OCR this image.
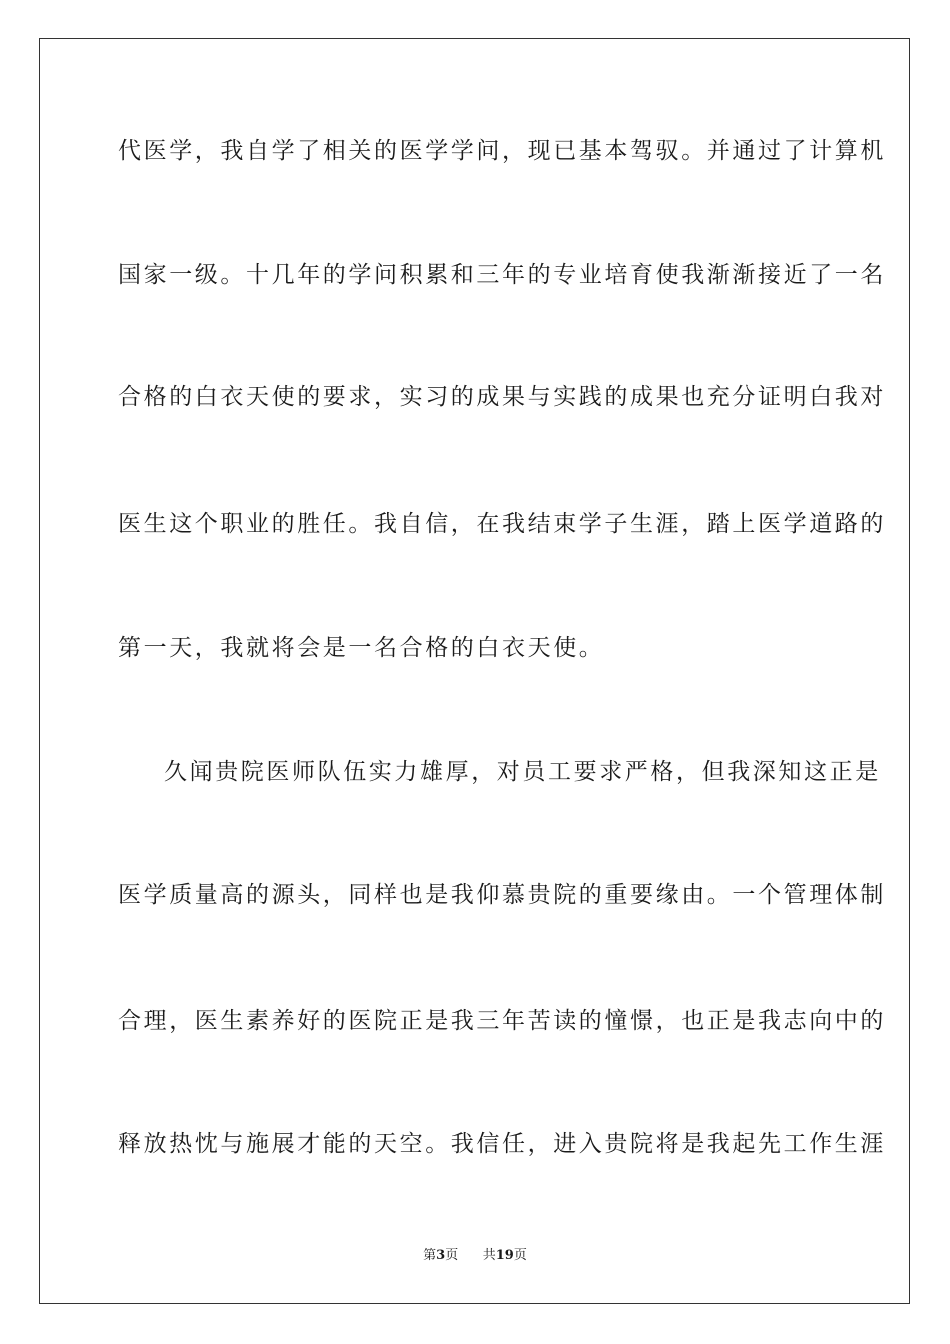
代医学，我自学了相关的医学学问，现已基本驾驭。并通过了计算机
国家一级。十几年的学问积累和三年的专业培育使我渐渐接近了一名
合格的白衣天使的要求，实习的成果与实践的成果也充分证明白我对
医生这个职业的胜任。我自信，在我结束学子生涯，踏上医学道路的
第一天，我就将会是一名合格的白衣天使。
久闻贵院医师队伍实力雄厚，对员工要求严格，但我深知这正是
医学质量高的源头，同样也是我仰慕贵院的重要缘由。一个管理体制
合理，医生素养好的医院正是我三年苦读的憧憬，也正是我志向中的
释放热忱与施展才能的天空。我信任，进入贵院将是我起先工作生涯
第3页 共19页
